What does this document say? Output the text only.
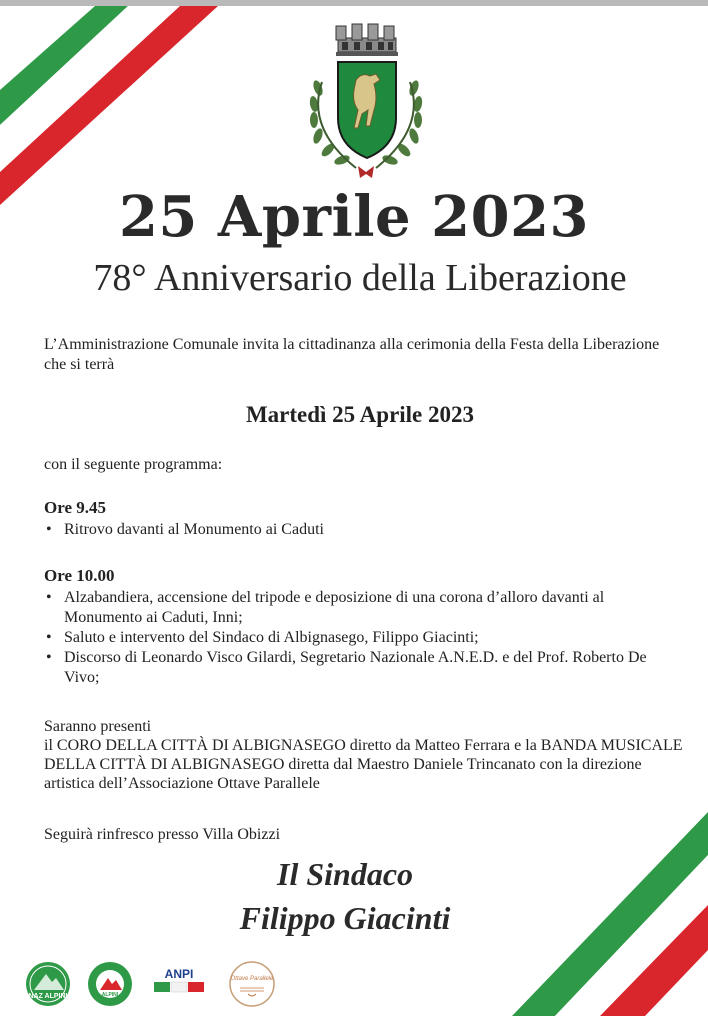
25 Aprile 2023
78° Anniversario della Liberazione
L’Amministrazione Comunale invita la cittadinanza alla cerimonia della Festa della Liberazione che si terrà
Martedì 25 Aprile 2023
con il seguente programma:
Ore 9.45
• Ritrovo davanti al Monumento ai Caduti
Ore 10.00
• Alzabandiera, accensione del tripode e deposizione di una corona d’alloro davanti al Monumento ai Caduti, Inni;
• Saluto e intervento del Sindaco di Albignasego, Filippo Giacinti;
• Discorso di Leonardo Visco Gilardi, Segretario Nazionale A.N.E.D. e del Prof. Roberto De Vivo;
Saranno presenti
il CORO DELLA CITTÀ DI ALBIGNASEGO diretto da Matteo Ferrara e la BANDA MUSICALE DELLA CITTÀ DI ALBIGNASEGO diretta dal Maestro Daniele Trincanato con la direzione artistica dell’Associazione Ottave Parallele
Seguirà rinfresco presso Villa Obizzi
Il Sindaco
Filippo Giacinti
NAZ ALPINI	ALPINI
ANPI	Ottave Parallele
